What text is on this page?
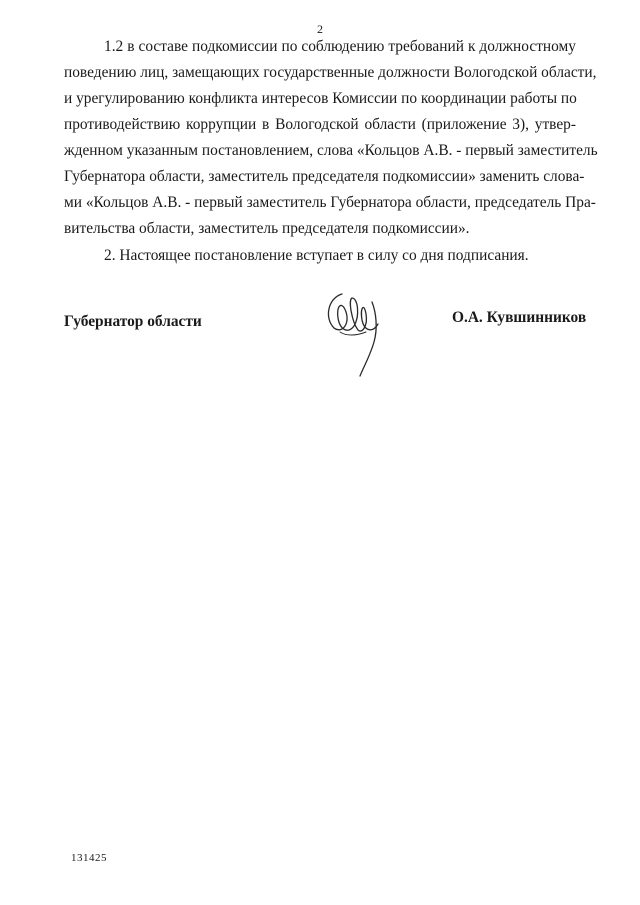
2
1.2 в составе подкомиссии по соблюдению требований к должностному
поведению лиц, замещающих государственные должности Вологодской области,
и урегулированию конфликта интересов Комиссии по координации работы по
противодействию коррупции в Вологодской области (приложение 3), утвер-
жденном указанным постановлением, слова «Кольцов А.В. - первый заместитель
Губернатора области, заместитель председателя подкомиссии» заменить слова-
ми «Кольцов А.В. - первый заместитель Губернатора области, председатель Пра-
вительства области, заместитель председателя подкомиссии».
2. Настоящее постановление вступает в силу со дня подписания.
Губернатор области	О.А. Кувшинников
131425
